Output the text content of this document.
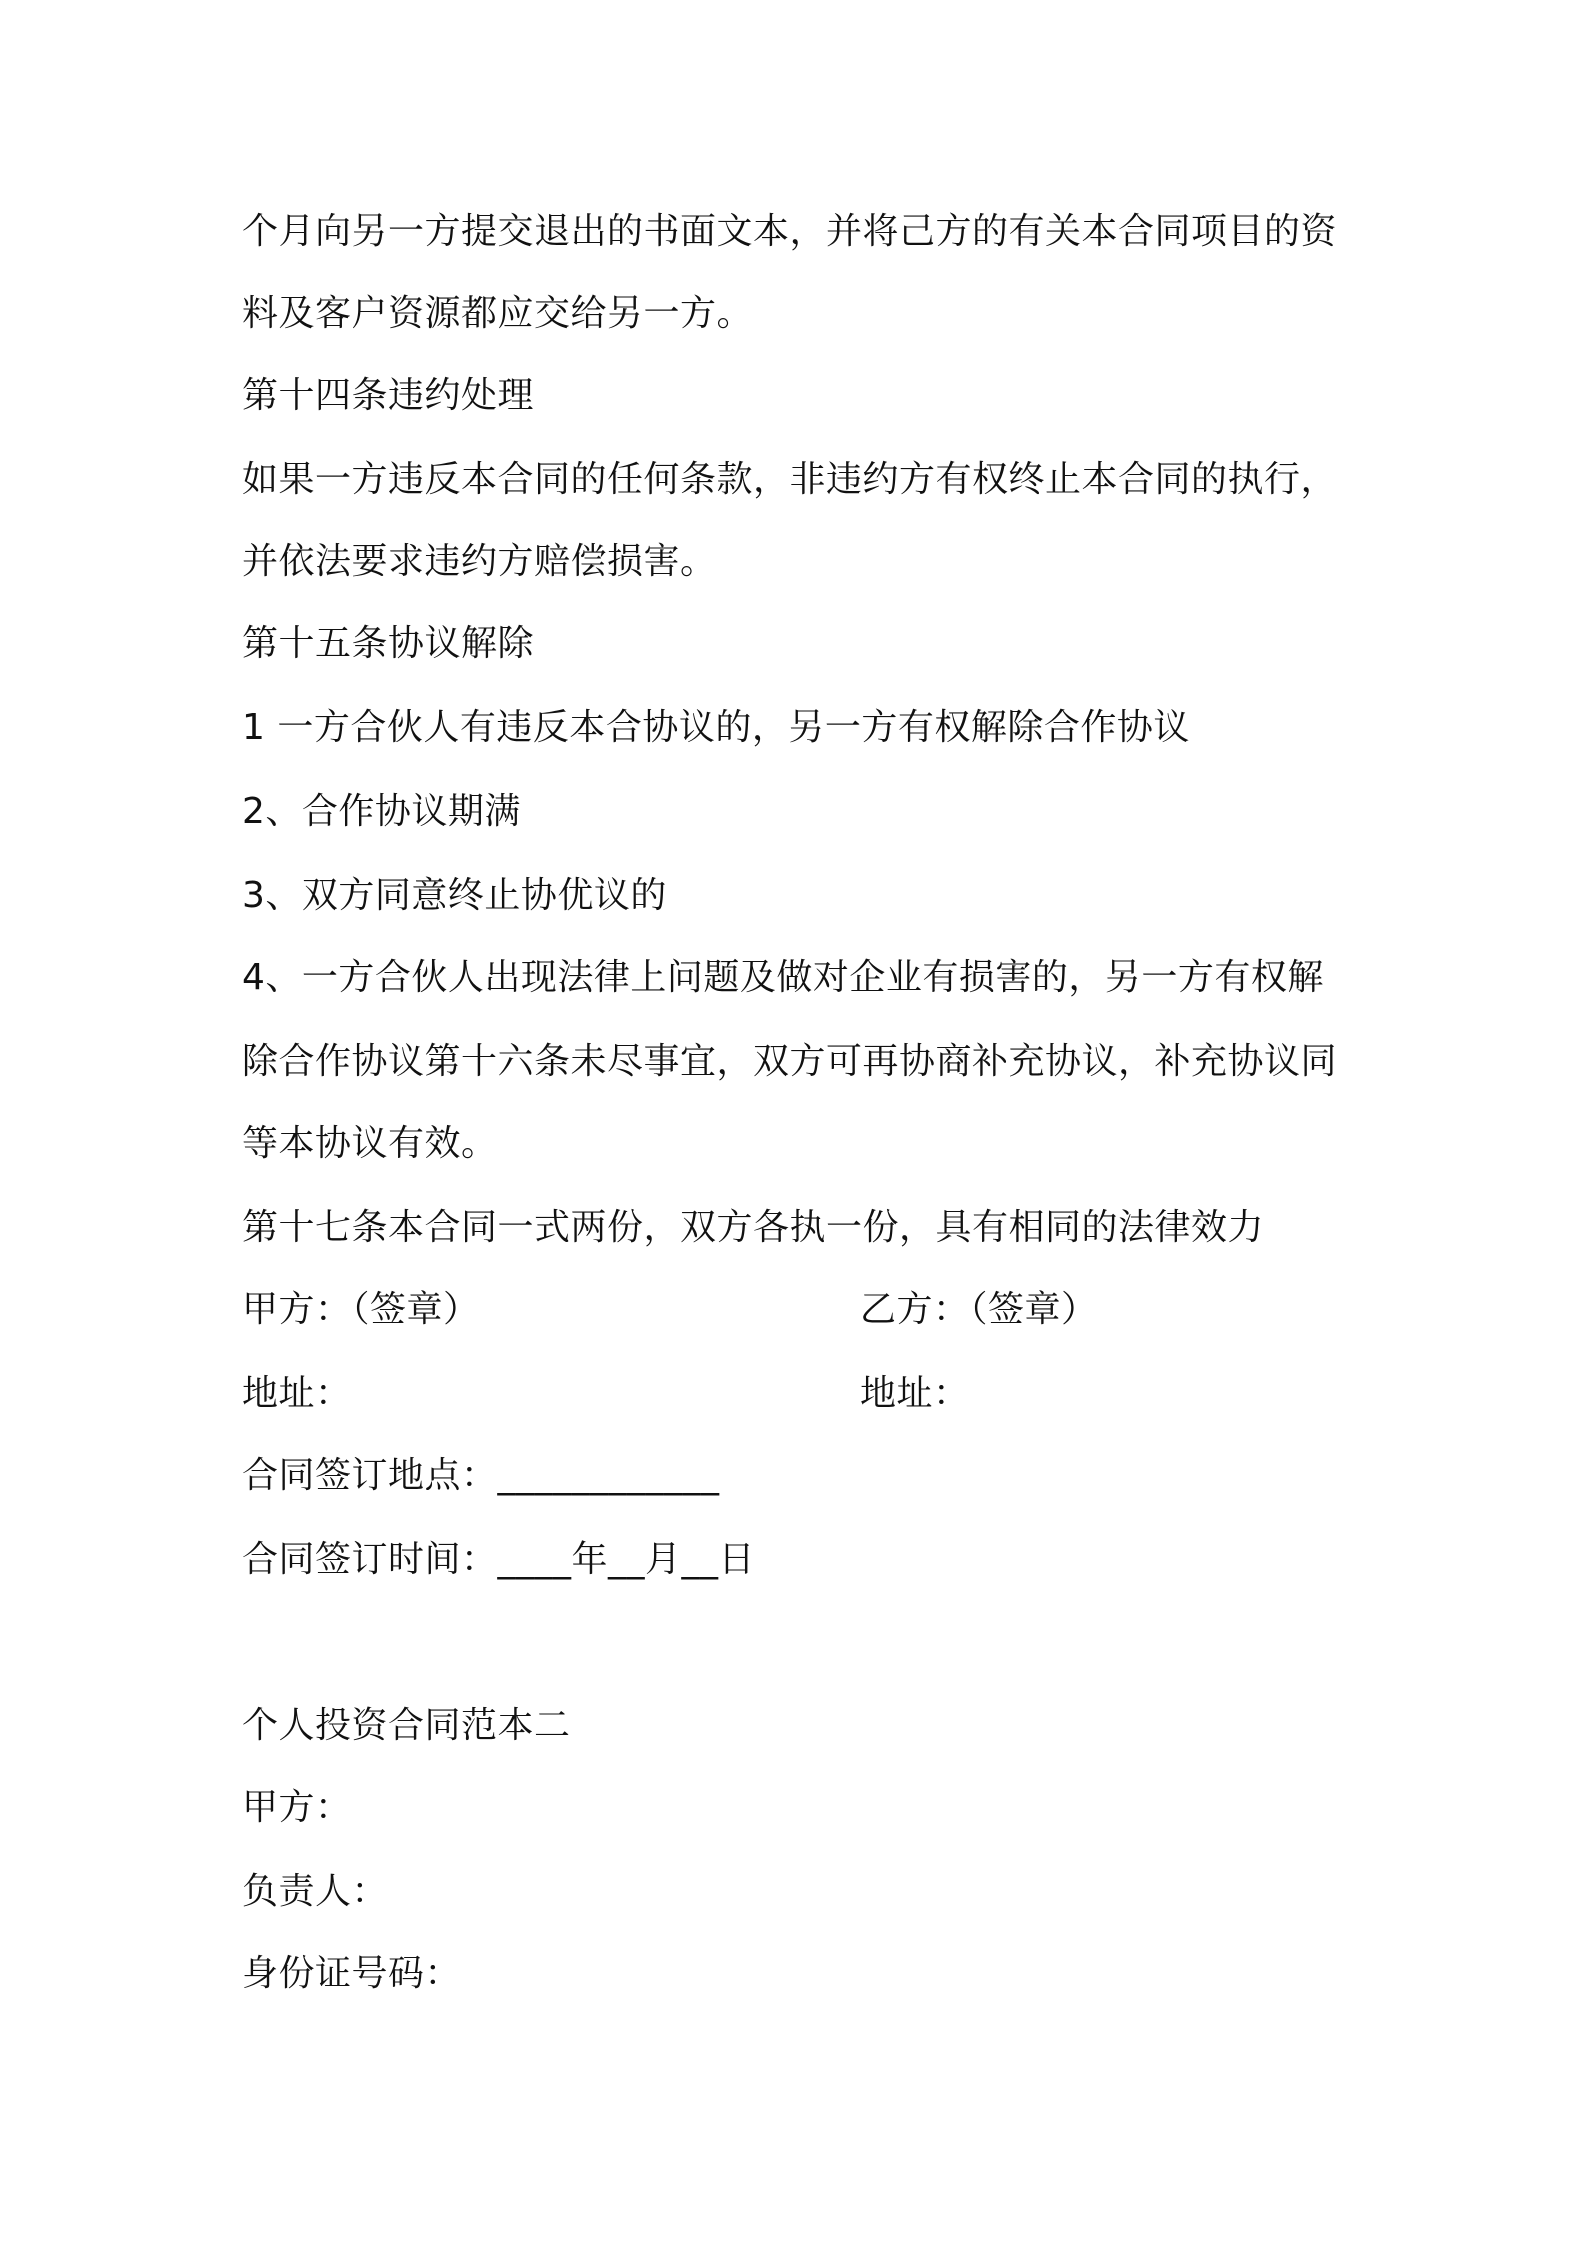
个月向另一方提交退出的书面文本，并将己方的有关本合同项目的资
料及客户资源都应交给另一方。
第十四条违约处理
如果一方违反本合同的任何条款，非违约方有权终止本合同的执行，
并依法要求违约方赔偿损害。
第十五条协议解除
1 一方合伙人有违反本合协议的，另一方有权解除合作协议
2、合作协议期满
3、双方同意终止协优议的
4、一方合伙人出现法律上问题及做对企业有损害的，另一方有权解
除合作协议第十六条未尽事宜，双方可再协商补充协议，补充协议同
等本协议有效。
第十七条本合同一式两份，双方各执一份，具有相同的法律效力
甲方：（签章）	乙方：（签章）
地址：	地址：
合同签订地点：____________
合同签订时间：____年__月__日
个人投资合同范本二
甲方：
负责人：
身份证号码：
